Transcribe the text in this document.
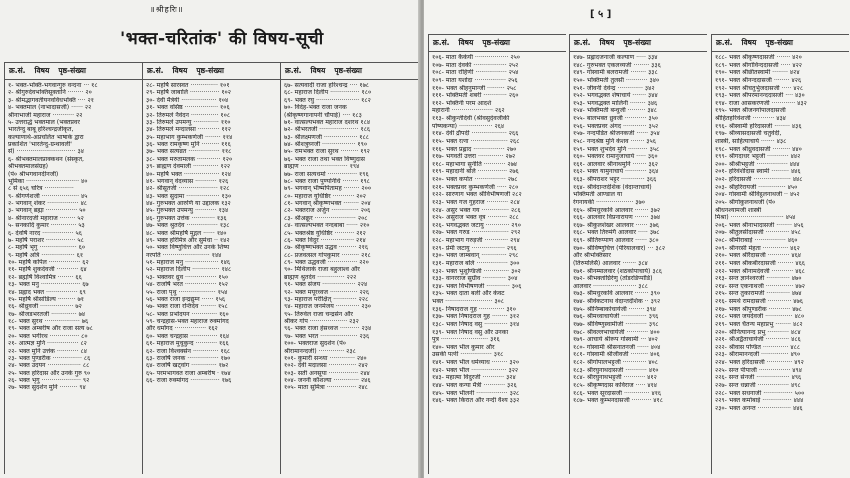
॥श्रीहरिः॥
'भक्त-चरितांक' की विषय-सूची
क्र.सं. विषय पृष्ठ-संख्या
१- भक्त-भक्ति-भगवान्गुरु वन्दना ··· १८
२- श्रीगुरुदेवभक्तिसूक्तानि ········ २०
३- श्रीमद्भागवतीयनवविधभक्ति ···· २१
४- भक्तमाल (नाभादासजी) ······ २२
श्रीनाभाजी महाराज ··········· २२
५- उत्तरार्द्ध भक्तमाल (भक्तप्रवर
भारतेन्दु बाबू हरिश्चन्द्रजीकृत,
कल्याणार्थ-अप्रचलित भाषाके द्वारा
प्रकाशित 'भारतेन्दु-ग्रन्थावली'
से) ······························ ३४
६- श्रीभक्तमालप्राक्कथन (संस्कृत,
श्रीभक्तमालसंग्रह)
(पं० श्रीभगवानदीनजी)
भूमिका ··························· ४०
८ से ६५६ चरित्र ···············
९- श्रीगणेशजी ··················· ४५
२- भगवान् शंकर ················ ४८
३- भगवान् ब्रह्मा ················ ५०
४- श्रीनारदजी महाराज ········ ५२
५- सनकादि कुमार ············· ५३
६- देवर्षि नारद ················ ५६
७- महर्षि पराशर ··············· ५८
८- महर्षि भृगु ··················· ६०
९- महर्षि अत्रि ················· ६१
१०- महर्षि कपिल ················ ६२
११- महर्षि शुकदेवजी ··········· ६४
१२- ब्रह्मर्षि विश्वामित्र ········ ६६
१३- भक्त मनु ···················· ६७
१४- प्रह्लाद भक्त ················ ६९
१५- महर्षि श्रीसांडिल्य ········· ७१
१६- श्रीध्रुवजी ················· ७२
१७- श्रीजडभरतजी ············· ७४
१८- भक्त सुरथ ·················· ७६
१९- भक्त अम्बरीष और राजा सत्य ७८
२०- भक्त भगीरथ ··············· ८०
२१- आत्मज्ञ मुनि ················ ८२
२२- भक्त मुनि उत्तंक ··········· ८४
२३- भक्त पुण्डरीक ··············· ८६
२४- भक्त उदयन ················· ८८
२५- भक्त हरिदास और उनके गुरु ९०
२६- भक्त भृगु ···················· ९२
२७- भक्त सुदर्शन मुनि ········· ९४
क्र.सं. विषय पृष्ठ-संख्या
२८- महर्षि सारस्वत ·············· १०१
२९- महर्षि जाबालि ··············· १०२
३०- देवी मैत्रेयी ·················· १०४
३१- भक्त वसिष्ठ ················· १०६
३२- तिरुमले नैवेदन ·············· १०८
३३- तिरुमले उपमन्यु ············· ११०
३४- तिरुमले मन्दालसा ··········· ११२
३५- महाभाग कुम्भकर्णजी ········ ११४
३६- भक्त रामकृष्ण मुनि ········· ११६
३७- भक्त सत्यव्रत ················ ११८
३८- भक्त मरुतामलक ············ १२०
३९- ब्राह्मण देवमाली ············· १२२
४०- महर्षि भक्त ·················· १२४
४१- भगवान् वेदव्यास ··········· १२६
४२- श्रीसूतजी ···················· १२८
४३- भक्त सुदामा ················· १३०
४४- गुरुभक्त आरुणि या उद्दालक १३२
४५- गुरुभक्त उपमन्यु ··········· १३४
४६- गुरुभक्त उत्तंक ············ १३६
४७- भक्त श्रुतदेव ················ १३८
४८- भक्त श्रीमहर्षि मुद्गल ······ १४०
४९- भक्त हरिमित्र और सुमेधा ·· १४२
५०- भक्त विष्णुचित्त और उनके शिष्य
नरपति ························ १४४
५१- महाराज मनु ················· १४६
५२- महाराज दिलीप ·············· १४८
५३- भक्तवर ध्रुव ················ १५०
५४- राजर्षि भरत ················ १५२
५५- राजा पृथु ··················· १५४
५६- भक्त राजा इन्द्रद्युम्न ······ १५६
५७- भक्त राजा रन्तिदेव ········ १५८
५८- भक्त प्रभोदयन ············· १६०
५९- चन्द्रहास-भक्त महाराज रुक्मांगद
और धर्मांगद ················ १६२
६०- भक्त चन्द्रहास ·············· १६४
६१- महाराज मुचुकुन्द ··········· १६६
६२- राजा विश्वक्सेन ············· १६८
६३- राजर्षि जनक ················ १७०
६४- राजर्षि खट्वांग ············· १७२
६५- परमभागवत राजा अम्बरीष · १७४
६६- राजा रुक्मांगद ··············· १७६
क्र.सं. विषय पृष्ठ-संख्या
६७- सत्यवादी राजा हरिश्चन्द्र ···· १७८
६८- महाराज दिलीप ··············· १८०
६९- भक्त रघु ······················ १८२
७०- विदेह-भक्त राजा जनक
(श्रीकृष्णगानापनी चौपाई) ···· १८३
७१- वात्सल्यभक्त महाराज दशरथ १८४
७२- श्रीभरतजी ···················· १८६
७३- श्रीलक्ष्मणजी ················· १८८
७४- श्रीशत्रुघ्नजी ················· १९०
७५- रामभक्त राजा सुरथ ········· १९२
७६- भक्त राजा तथा भक्त विष्णुदास
ब्राह्मण ························ १९४
७७- राजा सत्यधर्मा ··············· १९६
७८- भक्त राजा पुण्यनिधि ········ १९८
७९- भगवान् भीष्मपितामह ········ २००
८०- महाराज युधिष्ठिर ··········· २०२
८१- भगवान् श्रीकृष्णभक्त ········ २०४
८२- भक्तराज अर्जुन ·············· २०६
८३- श्रीअक्रूर ····················· २०८
८४- वात्सल्यभक्त नन्दबाबा ······ २१०
८५- भक्तश्रेष्ठ युधिष्ठिर ·········· २१२
८६- भक्त विदुर ················· २१४
८७- श्रीकृष्णभक्त उद्धव ········· २१६
८८- प्रजवत्सल गोपकुमार ········· २१८
८९- भक्त उद्धवजी ··············· २२०
९०- मिथिलाके राजा बहुलाश्व और
ब्राह्मण श्रुतदेव ·············· २२२
९१- भक्त संजय ················· २२४
९२- भक्त मयूरध्वज ·············· २२६
९३- महाराज परीक्षित् ············ २२८
९४- महाराज जनमेजय ············ २३०
९५- तिरुवेल राजा चन्द्रसेन और
श्रीकर गोप ··················· २३२
९६- भक्त राजा हंसध्वज ·········· २३४
९७- भक्त भरत ··················· २३६
१००- भक्तराज सुदर्शन (पं०
श्रीरामानन्दजी) ············· २३८
१०१- कुमारी सन्ध्या ············· २४०
१०२- देवी मदालसा ·············· २४२
१०३- सती अनसूया ··············· २४४
१०४- जननी कौशल्या ············· २४६
१०५- माता सुमित्रा ··············· २४८
[ ५ ]
क्र.सं. विषय पृष्ठ-संख्या
१०६- माता कैकेयी ················· २५०
१०७- माता देवकी ················· २५२
१०८- माता रोहिणी ················ २५४
१०९- माता यशोदा ················ २५६
११०- भक्त श्रीहनुमान्जी ········· २५८
१११- भक्तिमती शबरी ············ २६०
११२- भक्तिनी परम आदर्श
महारानी ····················· २६२
११३- श्रीकुन्तीदेवी (श्रीवसुदेवजीकी
पोष्यकन्या) ················· २६४
११४- देवी द्रौपदी ·················· २६६
११५- भक्त रत्ना ··················· २६८
११६- भक्त प्रह्लाद ················ २७०
११७- भगवती उत्तरा ············· २७२
११८- महाभागा सुनीति ··········· २७४
११९- महादानी बलि ··············· २७६
१२०- भक्त कपोत ················ २७८
१२१- भक्तप्रवर कुम्भकर्णजी ····· २८०
१२२- सारणाग भक्त श्रीविभीषणजी २८२
१२३- भक्त गज गुहराज ··········· २८४
१२४- असुर भक्त गय ·············· २८६
१२५- असुराज भक्त वृत्र ·········· २८८
१२६- भगवद्भक्त जटायु ············ २९०
१२७- भक्त गरुड ··················· २९२
१२८- महाभाग गरुड़जी ············ २९४
१२९- प्रेमी जटायु ················· २९६
१३०- भक्त जाम्बवान् ············· २९८
१३१- महाराज बलि ················ ३००
१३२- भक्त भुशुण्डिजी ············· ३०२
१३३- वानरराज सुग्रीव ············ ३०४
१३४- भक्त विभीषणजी ············ ३०६
१३५- भक्त दाता बली और केवट
भक्त ························ ३०८
१३६- निषादराज गुह ············· ३१०
१३७- भक्त निषादराज गुह ········ ३१२
१३८- भक्त निषाद वसु ············ ३१४
१३९- भक्त निषाद वसु और उनका
पुत्र ························ ३१६
१४०- भक्त भील कुमार और
उसकी पत्नी ················ ३१८
१४१- भक्त भील धर्मव्याध ········ ३२०
१४२- भक्त भील ·················· ३२२
१४३- महात्मा विदुरजी ··········· ३२४
१४४- भक्त कन्या मैत्री ··········· ३२६
१४५- भक्त भीलनी ················ ३२८
१४६- भक्त किरात और नन्दी वैश्य ३३२
क्र.सं. विषय पृष्ठ-संख्या
१४७- प्रह्लादजनाजी कल्याण ····· ३३४
१४८- गुरुभक्त एकलव्यजी ········ ३३६
१४९- गोस्वामी बलरामजी ········ ३३८
१५०- भक्तिमती तुलसी ··········· ३४०
१५१- जीवनी देवेन्द्र ············· ३४२
१५२- भगवद्भक्त शेषाचार्य ······· ३४४
१५३- भगवद्भक्त मालिनी ········ ३४६
१५४- भक्तिमती बन्धुजी ········· ३४८
१५५- बालभक्त ध्रुवजी ··········· ३५०
१५६- भक्तप्रवर अंगद ············ ३५२
१५७- नन्दपंडित श्रीजनकजी ······ ३५४
१५८- नन्दश्रेष्ठ मुनि केशव ······· ३५६
१५९- भक्त शुभदेव मुनि ·········· ३५८
१६०- भक्तवर रामानुजाचार्य ····· ३६०
१६१- आलवार श्रीनाथमुनि ······· ३६२
१६२- भक्त यामुनाचार्य ··········· ३६४
१६३- श्रीपराशर भट्टर ············ ३६६
१६४- श्रीवेदान्तदेशिक (वेदान्ताचार्य)
भक्तिमती आण्डाल या
रंगनायकी ··················· ३७०
१६५- श्रीमधुरकवि आलवार ······· ३७२
१६६- आलवार विप्रनारायण ······· ३७४
१६७- श्रीकुलशेखर आलवार ······ ३७६
१६८- भक्त तिरुमंगै आलवार ····· ३७८
१६९- श्रीतिरुप्पाण आलवार ······ ३८०
१७०- श्रीविष्णुचित्त (पेरियालवार) ··· ३८२
और श्रीभक्तिसार
(तिरुमलिसै) आलवार ······· ३८४
१७१- श्रीनम्मालवार (शठकोपाचार्य) ३८६
१७२- श्रीभक्तांघ्रिरेणु (तोंडरडिप्पोडि)
आलवार ······················ ३८८
१७३- श्रीमधुरकवि आलवार ······· ३९०
१७४- श्रीवेंकटनाथ वेदान्तदेशिक ·· ३९२
१७५- श्रीनिम्बार्काचार्यजी ········ ३९४
१७६- श्रीमध्वाचार्यजी ············· ३९६
१७७- श्रीविष्णुस्वामीजी ··········· ३९८
१७८- श्रीवल्लभाचार्यजी ··········· ४००
१७९- आचार्य श्रीरूप गोस्वामी ··· ४०२
१८०- गोस्वामी श्रीसनातनजी ······ ४०४
१८१- गोस्वामी श्रीजीवजी ········· ४०६
१८२- श्रीगोपालभट्टजी ············ ४०८
१८३- श्रीरघुनाथदासजी ··········· ४१०
१८४- श्रीरघुनाथभट्टजी ··········· ४१२
१८५- श्रीकृष्णदास कविराज ····· ४१४
१८६- भक्त सूरदासजी ············· ४१६
१८७- भक्त कुम्भनदासजी ·········· ४१८
क्र.सं. विषय पृष्ठ-संख्या
१८८- भक्त श्रीकृष्णदासजी ······· ४२०
१८९- भक्त श्रीगोविन्ददासजी ····· ४२२
१९०- भक्त श्रीछीतस्वामी ········ ४२४
१९१- भक्त श्रीनन्ददासजी ········ ४२६
१९२- भक्त श्रीचतुर्भुजदासजी ····· ४२८
१९३- भक्त श्रीपरमानन्ददासजी ···· ४३०
१९४- राजा आसकरणजी ············ ४३२
१९५- भक्त श्रीजनगोपालदासजी
श्रीहितहरिवंशजी ··········· ४३४
१९६- श्रीस्वामी हरिदासजी ········ ४३६
१९७- श्रीव्यासदासजी चतुर्वेदी,
शास्त्री, साहित्याचार्य ······· ४३८
१९८- भक्त श्रीध्रुवदासजी ········· ४४०
१९९- श्रीगदाधर भट्टजी ··········· ४४२
२००- श्रीश्रीभट्टजी ················ ४४४
२०१- हरिवंशीदास स्वामी ········· ४४६
२०२- हरिदासजी ··················· ४४८
२०३- श्रीहरिरायजी ·············· ४५०
२०४- गोस्वामी श्रीविट्ठलनाथजी ·· ४५२
२०५- श्रीगोकुलनाथजी (पं०
श्रीधनश्यामजी शास्त्री
मिश्रा) ··························· ४५४
२०६- भक्त श्रीनाभादासजी ········ ४५६
२०७- श्रीतुलसीदासजी ············ ४५८
२०८- श्रीमीराबाई ················ ४६०
२०९- श्रीनरसी मेहता ············· ४६२
२१०- भक्त श्रीरैदासजी ··········· ४६४
२११- भक्त श्रीकबीरदासजी ········ ४६६
२१२- भक्त श्रीनामदेवजी ··········· ४६८
२१३- सन्त ज्ञानेश्वरजी ············ ४७०
२१४- सन्त एकनाथजी ·············· ४७२
२१५- सन्त तुकारामजी ············ ४७४
२१६- समर्थ रामदासजी ············ ४७६
२१७- भक्त श्रीपुण्डरीक ··········· ४७८
२१८- भक्त जयदेवजी ·············· ४८०
२१९- भक्त चैतन्य महाप्रभु ········ ४८२
२२०- श्रीनित्यानन्द प्रभु ··········· ४८४
२२१- श्रीअद्वैताचार्यजी ············ ४८६
२२२- श्रीवास पण्डित ············· ४८८
२२३- श्रीरामानन्दजी ·············· ४९०
२२४- भक्त हरिदासजी ············· ४९२
२२५- सन्त पीपाजी ················ ४९४
२२६- सन्त सेनजी ················· ४९६
२२७- सन्त धन्नाजी ················ ४९८
२२८- भक्त सधनाजी ··············· ५००
२२९- भक्त कर्माबाई ··············· ४४४
२३०- भक्त अनन्त ················· ४४६
